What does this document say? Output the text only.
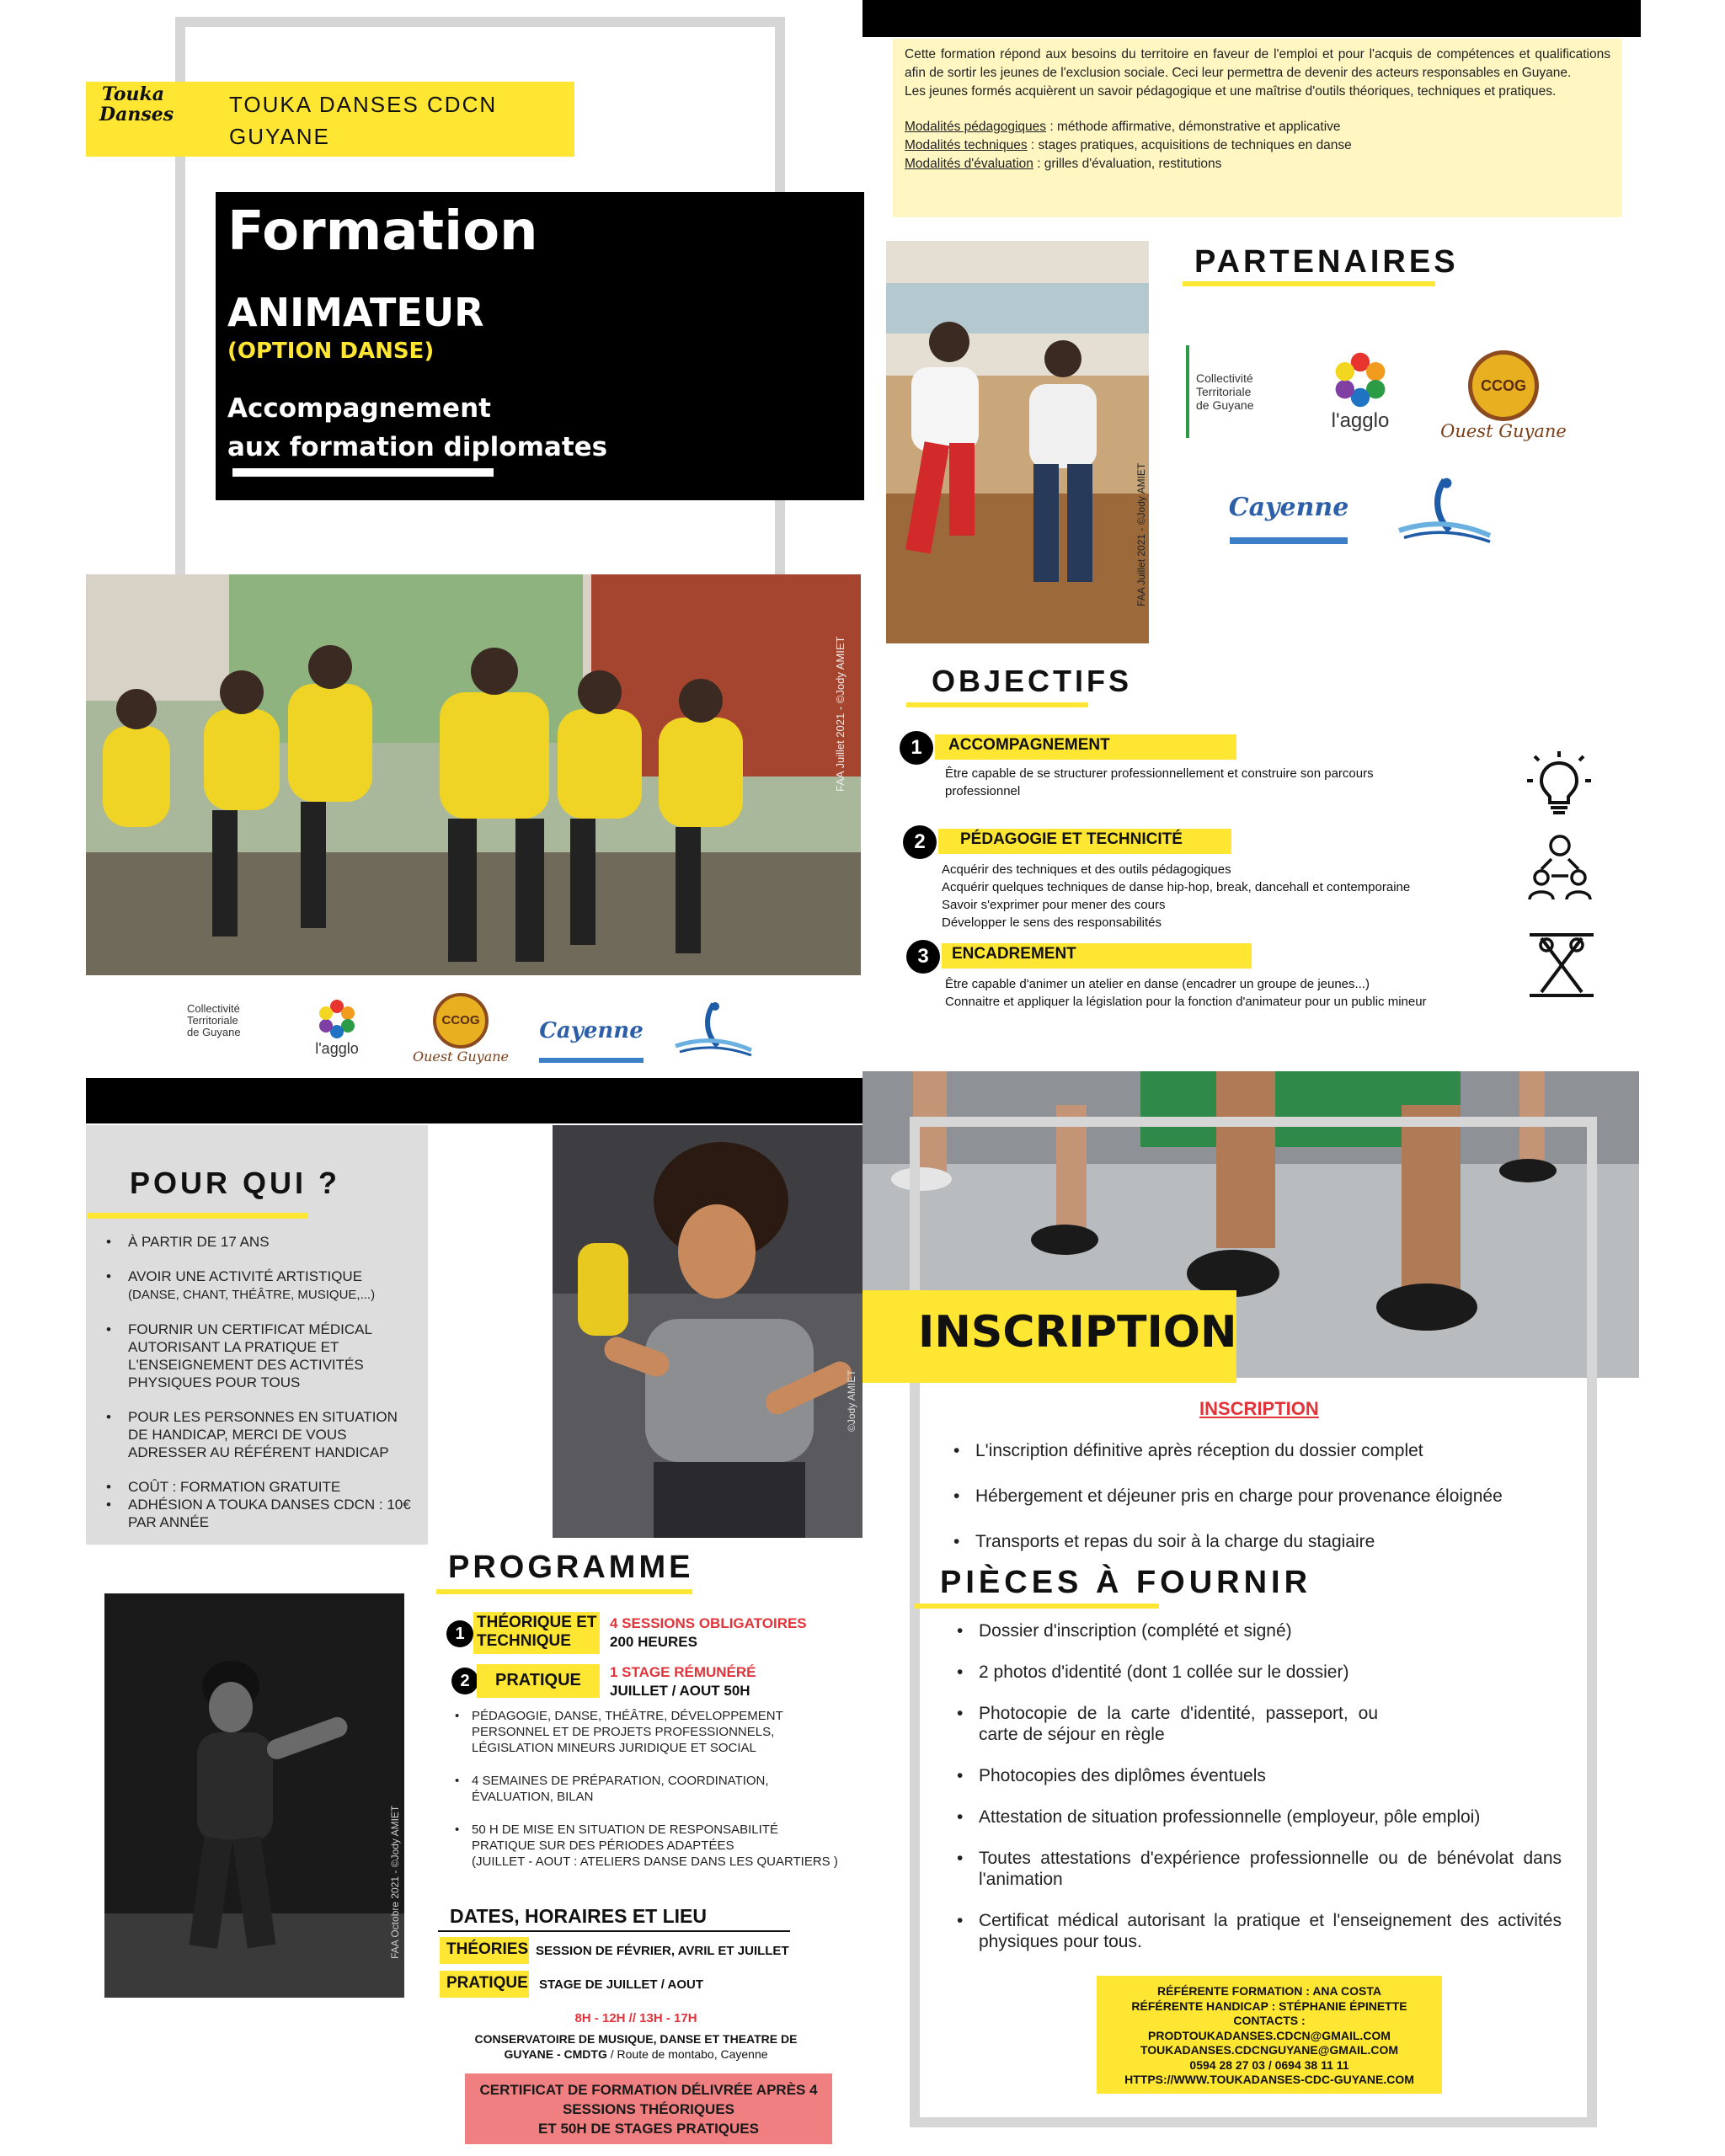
Touka Danses	TOUKA DANSES CDCN
GUYANE
Formation
ANIMATEUR
(OPTION DANSE)
Accompagnement
aux formation diplomates
FAA Juillet 2021 - ©Jody AMIET
Collectivité
Territoriale
de Guyane
l'agglo
CCOG
Ouest Guyane
Cayenne
Cette formation répond aux besoins du territoire en faveur de l'emploi et pour l'acquis de compétences et qualifications afin de sortir les jeunes de l'exclusion sociale. Ceci leur permettra de devenir des acteurs responsables en Guyane.
Les jeunes formés acquièrent un savoir pédagogique et une maîtrise d'outils théoriques, techniques et pratiques.
Modalités pédagogiques : méthode affirmative, démonstrative et applicative
Modalités techniques : stages pratiques, acquisitions de techniques en danse
Modalités d'évaluation : grilles d'évaluation, restitutions
FAA Juillet 2021 - ©Jody AMIET
PARTENAIRES
Collectivité
Territoriale
de Guyane
l'agglo
CCOG
Ouest Guyane
Cayenne
OBJECTIFS
1	ACCOMPAGNEMENT
Être capable de se structurer professionnellement et construire son parcours
professionnel
2	PÉDAGOGIE ET TECHNICITÉ
Acquérir des techniques et des outils pédagogiques
Acquérir quelques techniques de danse hip-hop, break, dancehall et contemporaine
Savoir s'exprimer pour mener des cours
Développer le sens des responsabilités
3	ENCADREMENT
Être capable d'animer un atelier en danse (encadrer un groupe de jeunes...)
Connaitre et appliquer la législation pour la fonction d'animateur pour un public mineur
POUR QUI ?
• À PARTIR DE 17 ANS
• AVOIR UNE ACTIVITÉ ARTISTIQUE
(DANSE, CHANT, THÉÂTRE, MUSIQUE,...)
• FOURNIR UN CERTIFICAT MÉDICAL AUTORISANT LA PRATIQUE ET L'ENSEIGNEMENT DES ACTIVITÉS PHYSIQUES POUR TOUS
• POUR LES PERSONNES EN SITUATION DE HANDICAP, MERCI DE VOUS ADRESSER AU RÉFÉRENT HANDICAP
• COÛT : FORMATION GRATUITE
• ADHÉSION A TOUKA DANSES CDCN : 10€ PAR ANNÉE
©Jody AMIET
PROGRAMME
FAA Octobre 2021 - ©Jody AMIET
1
THÉORIQUE ET TECHNIQUE
4 SESSIONS OBLIGATOIRES
200 HEURES
2	PRATIQUE 1 STAGE RÉMUNÉRÉ
JUILLET / AOUT 50H
• PÉDAGOGIE, DANSE, THÉÂTRE, DÉVELOPPEMENT PERSONNEL ET DE PROJETS PROFESSIONNELS, LÉGISLATION MINEURS JURIDIQUE ET SOCIAL
• 4 SEMAINES DE PRÉPARATION, COORDINATION, ÉVALUATION, BILAN
• 50 H DE MISE EN SITUATION DE RESPONSABILITÉ PRATIQUE SUR DES PÉRIODES ADAPTÉES
(JUILLET - AOUT : ATELIERS DANSE DANS LES QUARTIERS )
DATES, HORAIRES ET LIEU
THÉORIES SESSION DE FÉVRIER, AVRIL ET JUILLET
PRATIQUE STAGE DE JUILLET / AOUT
8H - 12H // 13H - 17H
CONSERVATOIRE DE MUSIQUE, DANSE ET THEATRE DE
GUYANE - CMDTG / Route de montabo, Cayenne
CERTIFICAT DE FORMATION DÉLIVRÉE APRÈS 4
SESSIONS THÉORIQUES
ET 50H DE STAGES PRATIQUES
INSCRIPTION
INSCRIPTION
• L'inscription définitive après réception du dossier complet
• Hébergement et déjeuner pris en charge pour provenance éloignée
• Transports et repas du soir à la charge du stagiaire
PIÈCES À FOURNIR
• Dossier d'inscription (complété et signé)
• 2 photos d'identité (dont 1 collée sur le dossier)
• Photocopie de la carte d'identité, passeport, ou carte de séjour en règle
• Photocopies des diplômes éventuels
• Attestation de situation professionnelle (employeur, pôle emploi)
• Toutes attestations d'expérience professionnelle ou de bénévolat dans l'animation
• Certificat médical autorisant la pratique et l'enseignement des activités physiques pour tous.
RÉFÉRENTE FORMATION : ANA COSTA
RÉFÉRENTE HANDICAP : STÉPHANIE ÉPINETTE
CONTACTS :
PRODTOUKADANSES.CDCN@GMAIL.COM
TOUKADANSES.CDCNGUYANE@GMAIL.COM
0594 28 27 03 / 0694 38 11 11
HTTPS://WWW.TOUKADANSES-CDC-GUYANE.COM
